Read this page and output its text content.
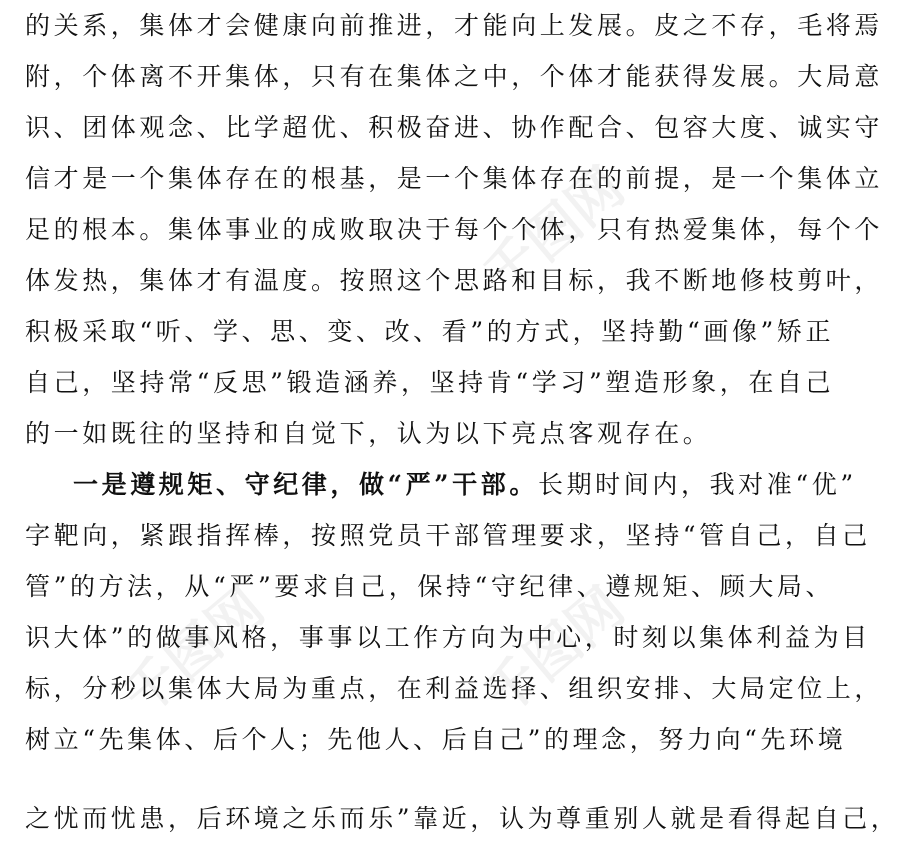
千图网
千图网	千图网
的关系，集体才会健康向前推进，才能向上发展。皮之不存，毛将焉
附，个体离不开集体，只有在集体之中，个体才能获得发展。大局意
识、团体观念、比学超优、积极奋进、协作配合、包容大度、诚实守
信才是一个集体存在的根基，是一个集体存在的前提，是一个集体立
足的根本。集体事业的成败取决于每个个体，只有热爱集体，每个个
体发热，集体才有温度。按照这个思路和目标，我不断地修枝剪叶，
积极采取“听、学、思、变、改、看”的方式，坚持勤“画像”矫正
自己，坚持常“反思”锻造涵养，坚持肯“学习”塑造形象，在自己
的一如既往的坚持和自觉下，认为以下亮点客观存在。
一是遵规矩、守纪律，做“严”干部。长期时间内，我对准“优”
字靶向，紧跟指挥棒，按照党员干部管理要求，坚持“管自己，自己
管”的方法，从“严”要求自己，保持“守纪律、遵规矩、顾大局、
识大体”的做事风格，事事以工作方向为中心，时刻以集体利益为目
标，分秒以集体大局为重点，在利益选择、组织安排、大局定位上，
树立“先集体、后个人；先他人、后自己”的理念，努力向“先环境
之忧而忧患，后环境之乐而乐”靠近，认为尊重别人就是看得起自己，
